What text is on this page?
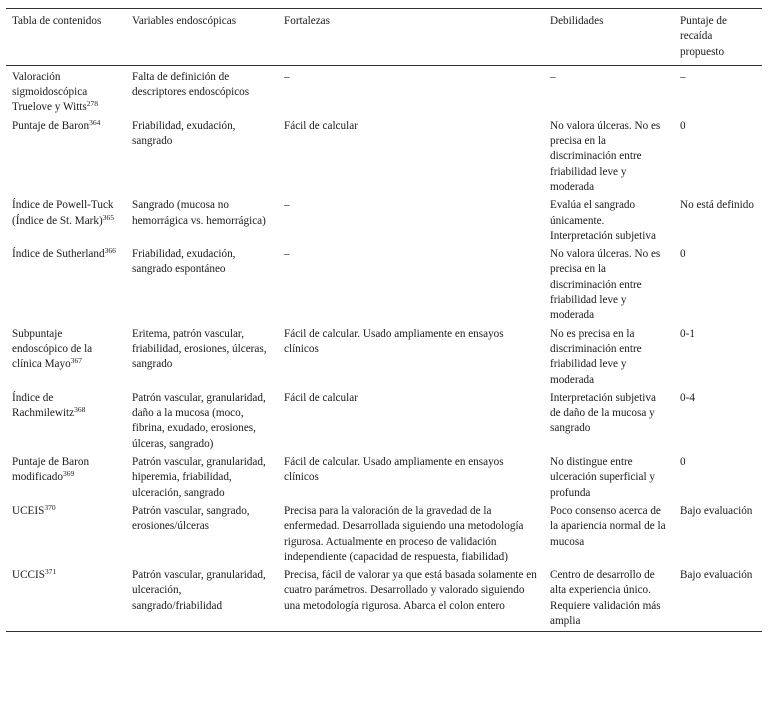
Tabla de contenidos	Variables endoscópicas	Fortalezas	Debilidades	Puntaje de recaída propuesto
Valoración sigmoidoscópica Truelove y Witts$^{278}$	Falta de definición de descriptores endoscópicos	–	–	–
Puntaje de Baron$^{364}$	Friabilidad, exudación, sangrado	Fácil de calcular	No valora úlceras. No es precisa en la discriminación entre friabilidad leve y moderada	0
Índice de Powell-Tuck (Índice de St. Mark)$^{365}$	Sangrado (mucosa no hemorrágica vs. hemorrágica)	–	Evalúa el sangrado únicamente. Interpretación subjetiva	No está definido
Índice de Sutherland$^{366}$	Friabilidad, exudación, sangrado espontáneo	–	No valora úlceras. No es precisa en la discriminación entre friabilidad leve y moderada	0
Subpuntaje endoscópico de la clínica Mayo$^{367}$	Eritema, patrón vascular, friabilidad, erosiones, úlceras, sangrado	Fácil de calcular. Usado ampliamente en ensayos clínicos	No es precisa en la discriminación entre friabilidad leve y moderada	0-1
Índice de Rachmilewitz$^{368}$	Patrón vascular, granularidad, daño a la mucosa (moco, fibrina, exudado, erosiones, úlceras, sangrado)	Fácil de calcular	Interpretación subjetiva de daño de la mucosa y sangrado	0-4
Puntaje de Baron modificado$^{369}$	Patrón vascular, granularidad, hiperemia, friabilidad, ulceración, sangrado	Fácil de calcular. Usado ampliamente en ensayos clínicos	No distingue entre ulceración superficial y profunda	0
UCEIS$^{370}$	Patrón vascular, sangrado, erosiones/úlceras	Precisa para la valoración de la gravedad de la enfermedad. Desarrollada siguiendo una metodología rigurosa. Actualmente en proceso de validación independiente (capacidad de respuesta, fiabilidad)	Poco consenso acerca de la apariencia normal de la mucosa	Bajo evaluación
UCCIS$^{371}$	Patrón vascular, granularidad, ulceración, sangrado/friabilidad	Precisa, fácil de valorar ya que está basada solamente en cuatro parámetros. Desarrollado y valorado siguiendo una metodología rigurosa. Abarca el colon entero	Centro de desarrollo de alta experiencia único. Requiere validación más amplia	Bajo evaluación
